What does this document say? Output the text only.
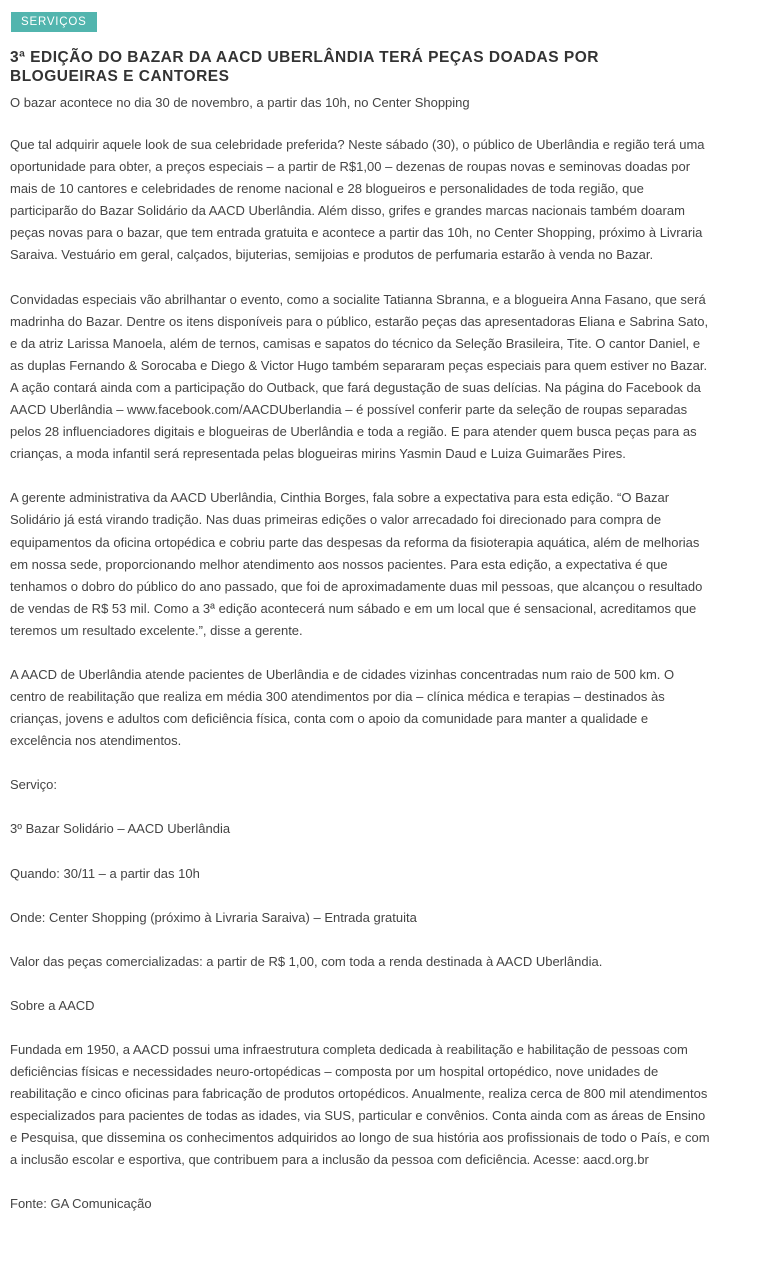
SERVIÇOS
3ª EDIÇÃO DO BAZAR DA AACD UBERLÂNDIA TERÁ PEÇAS DOADAS POR BLOGUEIRAS E CANTORES

O bazar acontece no dia 30 de novembro, a partir das 10h, no Center Shopping

Que tal adquirir aquele look de sua celebridade preferida? Neste sábado (30), o público de Uberlândia e região terá uma oportunidade para obter, a preços especiais – a partir de R$1,00 – dezenas de roupas novas e seminovas doadas por mais de 10 cantores e celebridades de renome nacional e 28 blogueiros e personalidades de toda região, que participarão do Bazar Solidário da AACD Uberlândia. Além disso, grifes e grandes marcas nacionais também doaram peças novas para o bazar, que tem entrada gratuita e acontece a partir das 10h, no Center Shopping, próximo à Livraria Saraiva. Vestuário em geral, calçados, bijuterias, semijoias e produtos de perfumaria estarão à venda no Bazar.

Convidadas especiais vão abrilhantar o evento, como a socialite Tatianna Sbranna, e a blogueira Anna Fasano, que será madrinha do Bazar. Dentre os itens disponíveis para o público, estarão peças das apresentadoras Eliana e Sabrina Sato, e da atriz Larissa Manoela, além de ternos, camisas e sapatos do técnico da Seleção Brasileira, Tite. O cantor Daniel, e as duplas Fernando & Sorocaba e Diego & Victor Hugo também separaram peças especiais para quem estiver no Bazar. A ação contará ainda com a participação do Outback, que fará degustação de suas delícias. Na página do Facebook da AACD Uberlândia – www.facebook.com/AACDUberlandia – é possível conferir parte da seleção de roupas separadas pelos 28 influenciadores digitais e blogueiras de Uberlândia e toda a região. E para atender quem busca peças para as crianças, a moda infantil será representada pelas blogueiras mirins Yasmin Daud e Luiza Guimarães Pires.

A gerente administrativa da AACD Uberlândia, Cinthia Borges, fala sobre a expectativa para esta edição. “O Bazar Solidário já está virando tradição. Nas duas primeiras edições o valor arrecadado foi direcionado para compra de equipamentos da oficina ortopédica e cobriu parte das despesas da reforma da fisioterapia aquática, além de melhorias em nossa sede, proporcionando melhor atendimento aos nossos pacientes. Para esta edição, a expectativa é que tenhamos o dobro do público do ano passado, que foi de aproximadamente duas mil pessoas, que alcançou o resultado de vendas de R$ 53 mil. Como a 3ª edição acontecerá num sábado e em um local que é sensacional, acreditamos que teremos um resultado excelente.”, disse a gerente.

A AACD de Uberlândia atende pacientes de Uberlândia e de cidades vizinhas concentradas num raio de 500 km. O centro de reabilitação que realiza em média 300 atendimentos por dia – clínica médica e terapias – destinados às crianças, jovens e adultos com deficiência física, conta com o apoio da comunidade para manter a qualidade e excelência nos atendimentos.

Serviço:

3º Bazar Solidário – AACD Uberlândia

Quando: 30/11 – a partir das 10h

Onde: Center Shopping (próximo à Livraria Saraiva) – Entrada gratuita

Valor das peças comercializadas: a partir de R$ 1,00, com toda a renda destinada à AACD Uberlândia.

Sobre a AACD

Fundada em 1950, a AACD possui uma infraestrutura completa dedicada à reabilitação e habilitação de pessoas com deficiências físicas e necessidades neuro-ortopédicas – composta por um hospital ortopédico, nove unidades de reabilitação e cinco oficinas para fabricação de produtos ortopédicos. Anualmente, realiza cerca de 800 mil atendimentos especializados para pacientes de todas as idades, via SUS, particular e convênios. Conta ainda com as áreas de Ensino e Pesquisa, que dissemina os conhecimentos adquiridos ao longo de sua história aos profissionais de todo o País, e com a inclusão escolar e esportiva, que contribuem para a inclusão da pessoa com deficiência. Acesse: aacd.org.br

Fonte: GA Comunicação
